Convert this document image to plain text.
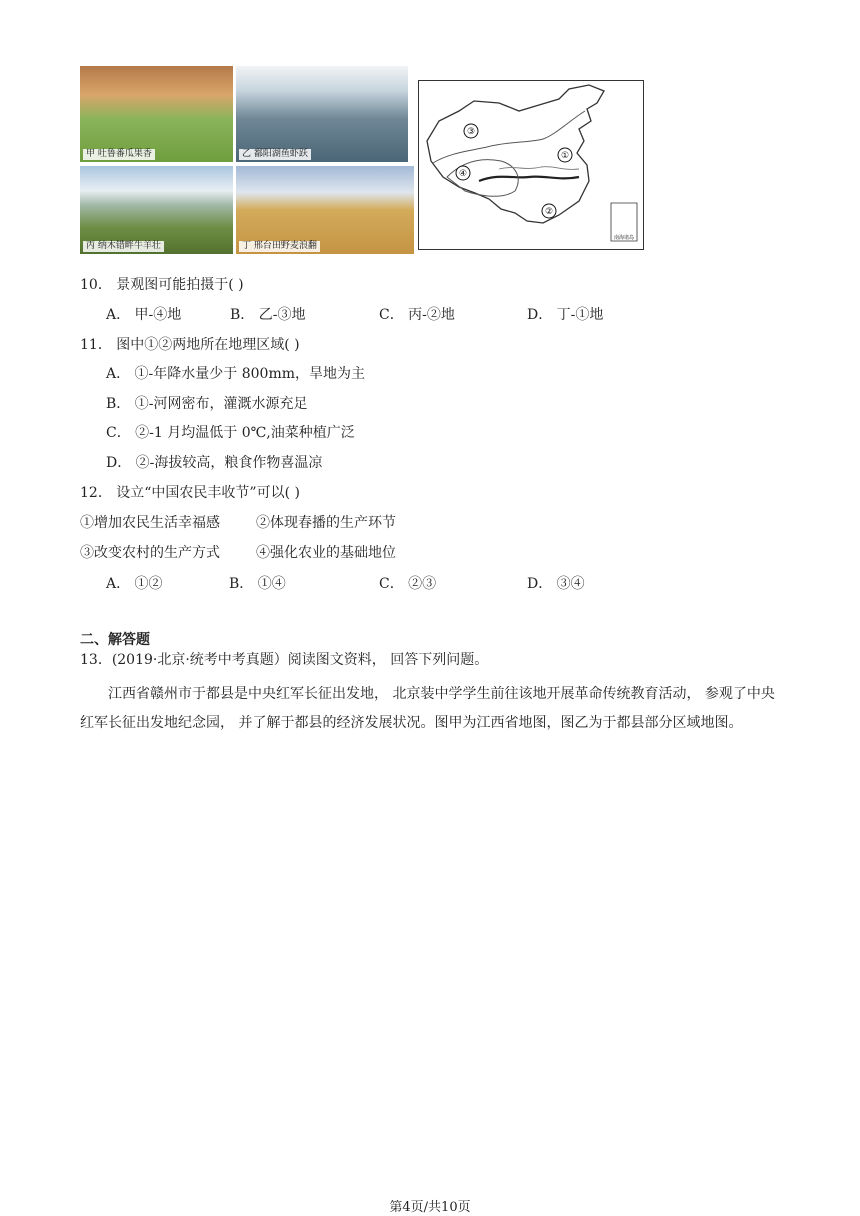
甲 吐鲁番瓜果香	乙 鄱阳湖鱼虾跃
丙 纳木错畔牛羊壮	丁 邢台田野麦浪翻
③
④
①
②
南海诸岛
10． 景观图可能拍摄于( )
A． 甲-④地	B． 乙-③地	C． 丙-②地	D． 丁-①地
11． 图中①②两地所在地理区域( )
A． ①-年降水量少于 800mm，旱地为主
B． ①-河网密布，灌溉水源充足
C． ②-1 月均温低于 0℃,油菜种植广泛
D． ②-海拔较高，粮食作物喜温凉
12． 设立“中国农民丰收节”可以( )
①增加农民生活幸福感	②体现春播的生产环节
③改变农村的生产方式	④强化农业的基础地位
A． ①②	B． ①④	C． ②③	D． ③④
二、解答题
13．(2019·北京·统考中考真题）阅读图文资料， 回答下列问题。
江西省赣州市于都县是中央红军长征出发地， 北京装中学学生前往该地开展革命传统教育活动， 参观了中央红军长征出发地纪念园， 并了解于都县的经济发展状况。图甲为江西省地图，图乙为于都县部分区域地图。
第4页/共10页
